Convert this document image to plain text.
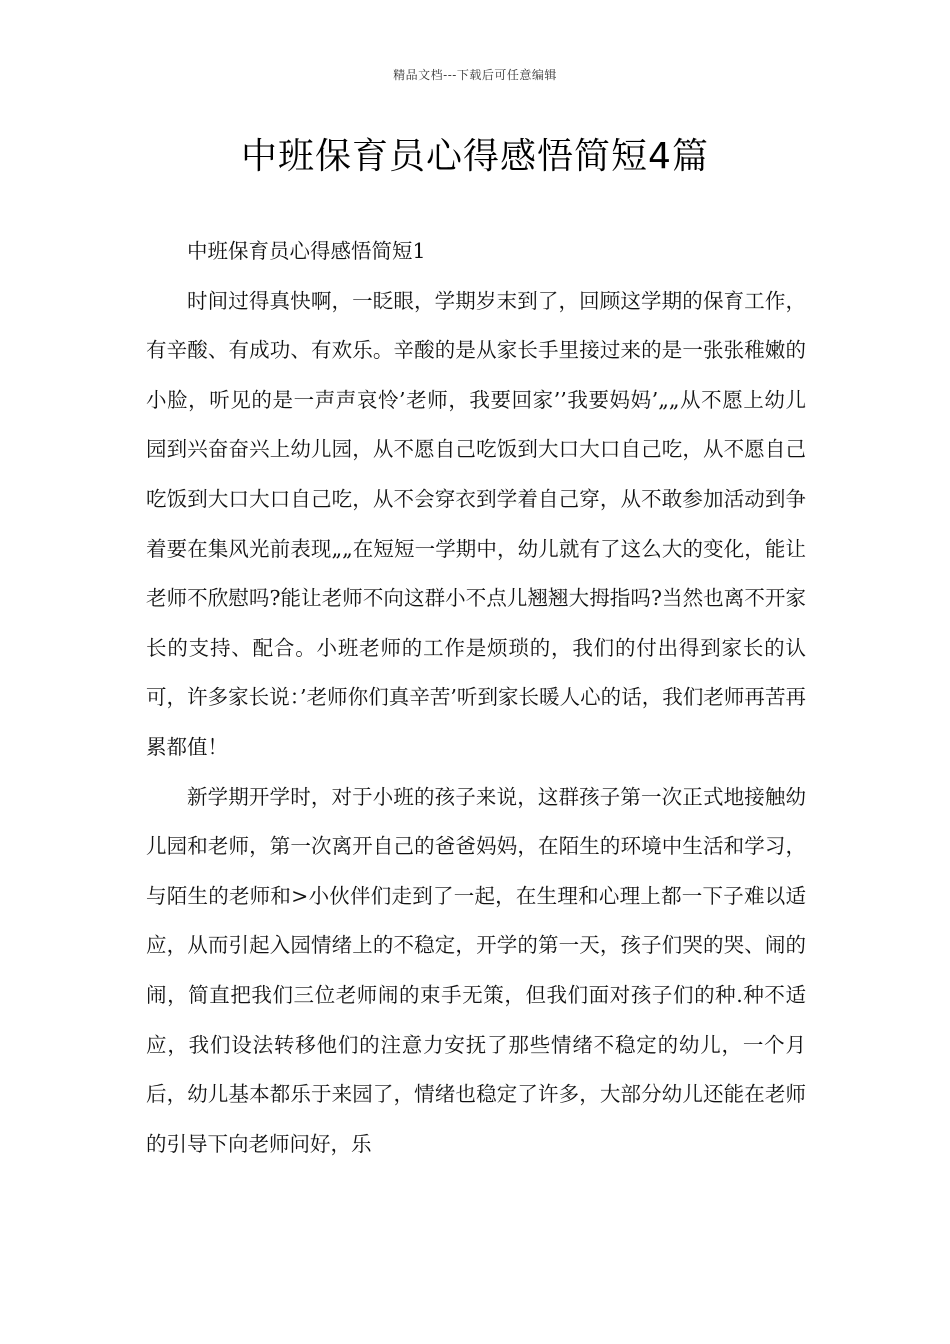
精品文档---下载后可任意编辑
中班保育员心得感悟简短4篇

中班保育员心得感悟简短1

时间过得真快啊，一眨眼，学期岁末到了，回顾这学期的保育工作，有辛酸、有成功、有欢乐。辛酸的是从家长手里接过来的是一张张稚嫩的小脸，听见的是一声声哀怜’老师，我要回家’’我要妈妈’„„从不愿上幼儿园到兴奋奋兴上幼儿园，从不愿自己吃饭到大口大口自己吃，从不愿自己吃饭到大口大口自己吃，从不会穿衣到学着自己穿，从不敢参加活动到争着要在集风光前表现„„在短短一学期中，幼儿就有了这么大的变化，能让老师不欣慰吗?能让老师不向这群小不点儿翘翘大拇指吗?当然也离不开家长的支持、配合。小班老师的工作是烦琐的，我们的付出得到家长的认可，许多家长说：’老师你们真辛苦’听到家长暖人心的话，我们老师再苦再累都值！

新学期开学时，对于小班的孩子来说，这群孩子第一次正式地接触幼儿园和老师，第一次离开自己的爸爸妈妈，在陌生的环境中生活和学习，与陌生的老师和>小伙伴们走到了一起，在生理和心理上都一下子难以适应，从而引起入园情绪上的不稳定，开学的第一天，孩子们哭的哭、闹的闹，简直把我们三位老师闹的束手无策，但我们面对孩子们的种.种不适应，我们设法转移他们的注意力安抚了那些情绪不稳定的幼儿，一个月后，幼儿基本都乐于来园了，情绪也稳定了许多，大部分幼儿还能在老师的引导下向老师问好，乐
